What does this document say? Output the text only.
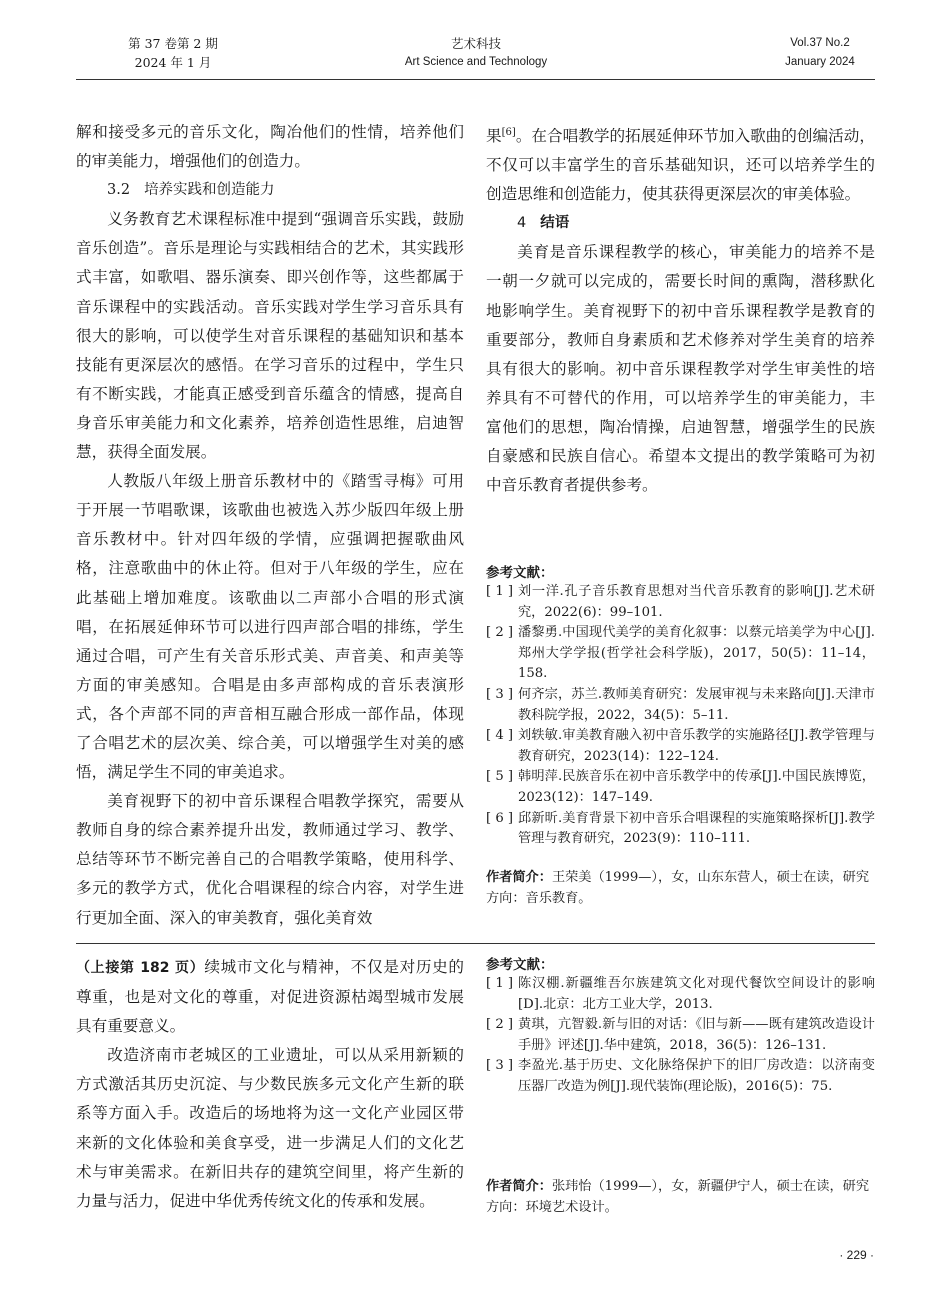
第 37 卷第 2 期
2024 年 1 月
艺术科技
Art Science and Technology
Vol.37 No.2
January 2024

解和接受多元的音乐文化，陶冶他们的性情，培养他们的审美能力，增强他们的创造力。

3.2 培养实践和创造能力

义务教育艺术课程标准中提到“强调音乐实践，鼓励音乐创造”。音乐是理论与实践相结合的艺术，其实践形式丰富，如歌唱、器乐演奏、即兴创作等，这些都属于音乐课程中的实践活动。音乐实践对学生学习音乐具有很大的影响，可以使学生对音乐课程的基础知识和基本技能有更深层次的感悟。在学习音乐的过程中，学生只有不断实践，才能真正感受到音乐蕴含的情感，提高自身音乐审美能力和文化素养，培养创造性思维，启迪智慧，获得全面发展。

人教版八年级上册音乐教材中的《踏雪寻梅》可用于开展一节唱歌课，该歌曲也被选入苏少版四年级上册音乐教材中。针对四年级的学情，应强调把握歌曲风格，注意歌曲中的休止符。但对于八年级的学生，应在此基础上增加难度。该歌曲以二声部小合唱的形式演唱，在拓展延伸环节可以进行四声部合唱的排练，学生通过合唱，可产生有关音乐形式美、声音美、和声美等方面的审美感知。合唱是由多声部构成的音乐表演形式，各个声部不同的声音相互融合形成一部作品，体现了合唱艺术的层次美、综合美，可以增强学生对美的感悟，满足学生不同的审美追求。

美育视野下的初中音乐课程合唱教学探究，需要从教师自身的综合素养提升出发，教师通过学习、教学、总结等环节不断完善自己的合唱教学策略，使用科学、多元的教学方式，优化合唱课程的综合内容，对学生进行更加全面、深入的审美教育，强化美育效

果[6]。在合唱教学的拓展延伸环节加入歌曲的创编活动，不仅可以丰富学生的音乐基础知识，还可以培养学生的创造思维和创造能力，使其获得更深层次的审美体验。

4 结语

美育是音乐课程教学的核心，审美能力的培养不是一朝一夕就可以完成的，需要长时间的熏陶，潜移默化地影响学生。美育视野下的初中音乐课程教学是教育的重要部分，教师自身素质和艺术修养对学生美育的培养具有很大的影响。初中音乐课程教学对学生审美性的培养具有不可替代的作用，可以培养学生的审美能力，丰富他们的思想，陶冶情操，启迪智慧，增强学生的民族自豪感和民族自信心。希望本文提出的教学策略可为初中音乐教育者提供参考。

参考文献：
[ 1 ] 刘一洋.孔子音乐教育思想对当代音乐教育的影响[J].艺术研究，2022(6)：99–101.
[ 2 ] 潘黎勇.中国现代美学的美育化叙事：以蔡元培美学为中心[J].郑州大学学报(哲学社会科学版)，2017，50(5)：11–14，158.
[ 3 ] 何齐宗，苏兰.教师美育研究：发展审视与未来路向[J].天津市教科院学报，2022，34(5)：5–11.
[ 4 ] 刘轶敏.审美教育融入初中音乐教学的实施路径[J].教学管理与教育研究，2023(14)：122–124.
[ 5 ] 韩明萍.民族音乐在初中音乐教学中的传承[J].中国民族博览，2023(12)：147–149.
[ 6 ] 邱新昕.美育背景下初中音乐合唱课程的实施策略探析[J].教学管理与教育研究，2023(9)：110–111.
作者简介：王荣美（1999—），女，山东东营人，硕士在读，研究方向：音乐教育。

（上接第 182 页）续城市文化与精神，不仅是对历史的尊重，也是对文化的尊重，对促进资源枯竭型城市发展具有重要意义。

改造济南市老城区的工业遗址，可以从采用新颖的方式激活其历史沉淀、与少数民族多元文化产生新的联系等方面入手。改造后的场地将为这一文化产业园区带来新的文化体验和美食享受，进一步满足人们的文化艺术与审美需求。在新旧共存的建筑空间里，将产生新的力量与活力，促进中华优秀传统文化的传承和发展。

参考文献：
[ 1 ] 陈汉棚.新疆维吾尔族建筑文化对现代餐饮空间设计的影响[D].北京：北方工业大学，2013.
[ 2 ] 黄琪，亢智毅.新与旧的对话：《旧与新——既有建筑改造设计手册》评述[J].华中建筑，2018，36(5)：126–131.
[ 3 ] 李盈光.基于历史、文化脉络保护下的旧厂房改造：以济南变压器厂改造为例[J].现代装饰(理论版)，2016(5)：75.
作者简介：张玮怡（1999—），女，新疆伊宁人，硕士在读，研究方向：环境艺术设计。
· 229 ·
